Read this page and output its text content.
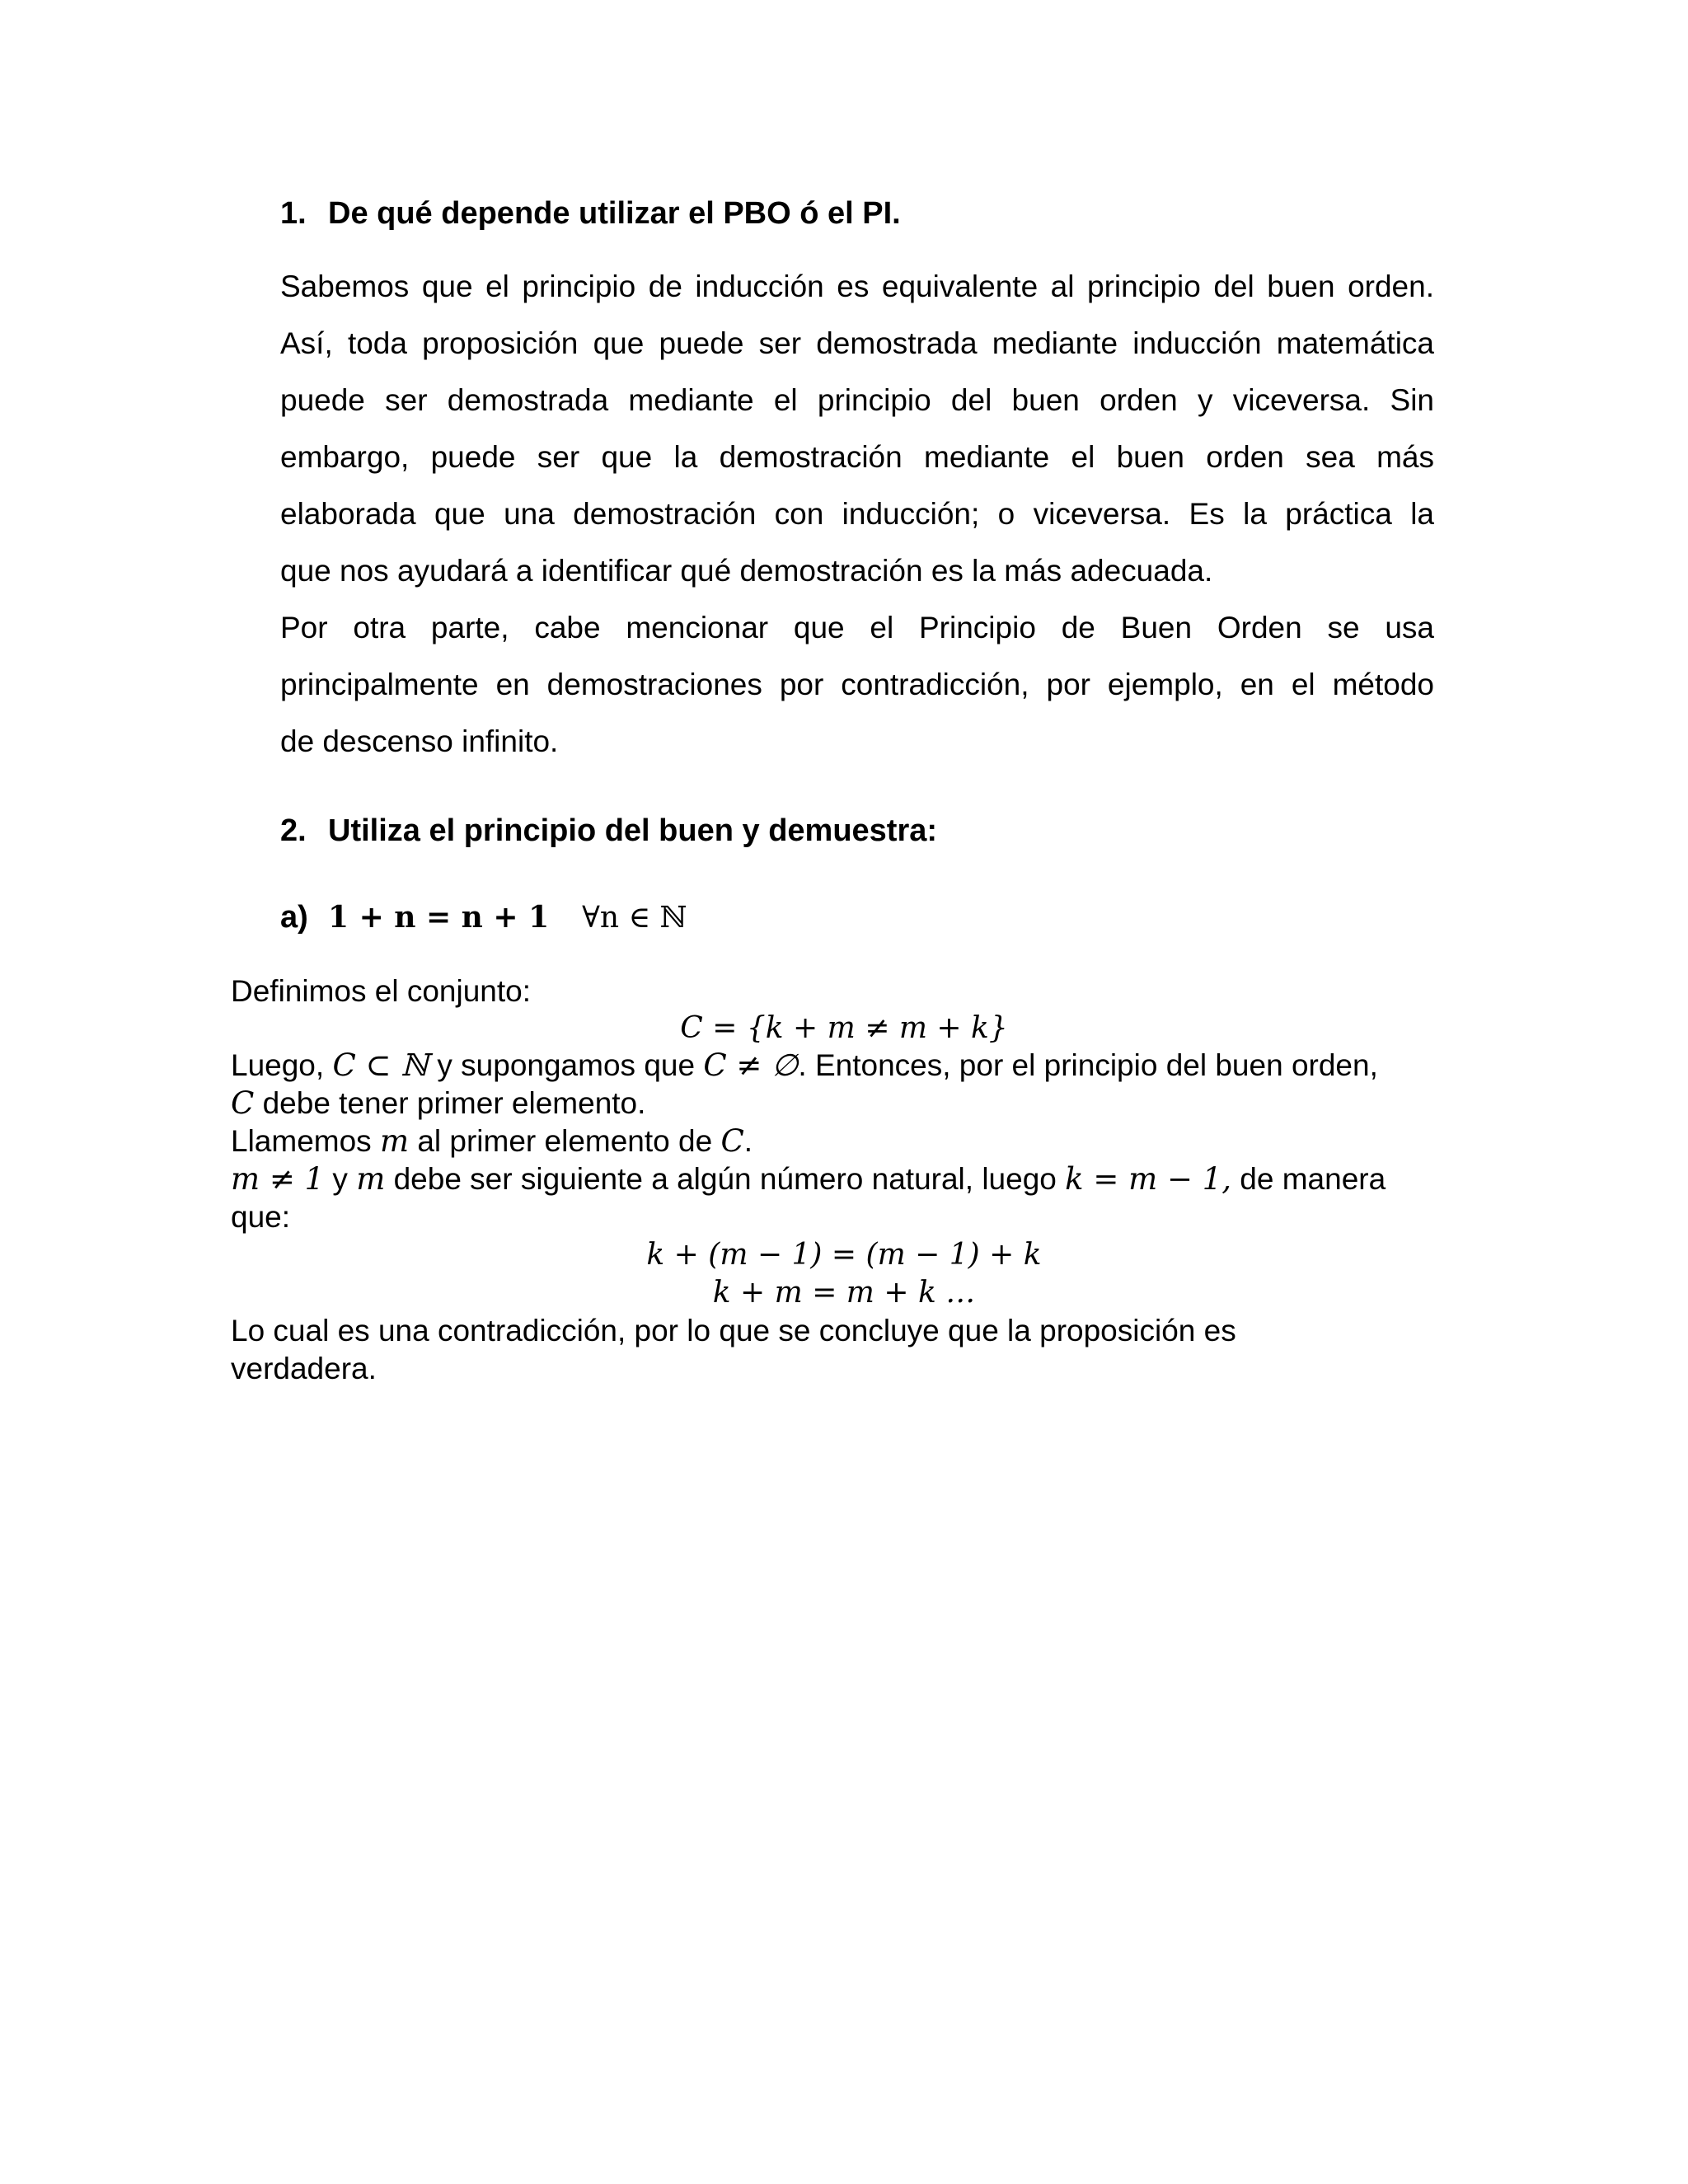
1. De qué depende utilizar el PBO ó el PI.
Sabemos que el principio de inducción es equivalente al principio del buen orden.
Así, toda proposición que puede ser demostrada mediante inducción matemática
puede ser demostrada mediante el principio del buen orden y viceversa. Sin
embargo, puede ser que la demostración mediante el buen orden sea más
elaborada que una demostración con inducción; o viceversa. Es la práctica la
que nos ayudará a identificar qué demostración es la más adecuada.
Por otra parte, cabe mencionar que el Principio de Buen Orden se usa
principalmente en demostraciones por contradicción, por ejemplo, en el método
de descenso infinito.
2. Utiliza el principio del buen y demuestra:
a) 1 + n = n + 1 ∀n ∈ ℕ
Definimos el conjunto:
C = {k + m ≠ m + k}
Luego, C ⊂ ℕ y supongamos que C ≠ ∅. Entonces, por el principio del buen orden,
C debe tener primer elemento.
Llamemos m al primer elemento de C.
m ≠ 1 y m debe ser siguiente a algún número natural, luego k = m − 1, de manera
que:
k + (m − 1) = (m − 1) + k
k + m = m + k …
Lo cual es una contradicción, por lo que se concluye que la proposición es
verdadera.
